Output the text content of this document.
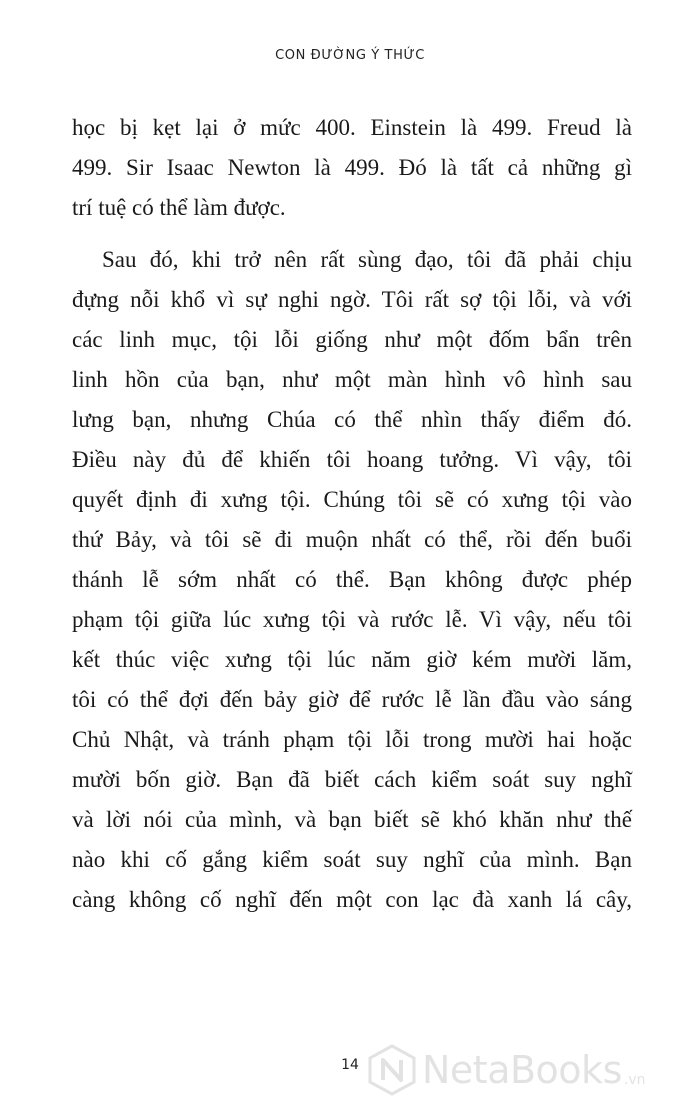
CON ĐƯỜNG Ý THỨC
học bị kẹt lại ở mức 400. Einstein là 499. Freud là
499. Sir Isaac Newton là 499. Đó là tất cả những gì
trí tuệ có thể làm được.
Sau đó, khi trở nên rất sùng đạo, tôi đã phải chịu
đựng nỗi khổ vì sự nghi ngờ. Tôi rất sợ tội lỗi, và với
các linh mục, tội lỗi giống như một đốm bẩn trên
linh hồn của bạn, như một màn hình vô hình sau
lưng bạn, nhưng Chúa có thể nhìn thấy điểm đó.
Điều này đủ để khiến tôi hoang tưởng. Vì vậy, tôi
quyết định đi xưng tội. Chúng tôi sẽ có xưng tội vào
thứ Bảy, và tôi sẽ đi muộn nhất có thể, rồi đến buổi
thánh lễ sớm nhất có thể. Bạn không được phép
phạm tội giữa lúc xưng tội và rước lễ. Vì vậy, nếu tôi
kết thúc việc xưng tội lúc năm giờ kém mười lăm,
tôi có thể đợi đến bảy giờ để rước lễ lần đầu vào sáng
Chủ Nhật, và tránh phạm tội lỗi trong mười hai hoặc
mười bốn giờ. Bạn đã biết cách kiểm soát suy nghĩ
và lời nói của mình, và bạn biết sẽ khó khăn như thế
nào khi cố gắng kiểm soát suy nghĩ của mình. Bạn
càng không cố nghĩ đến một con lạc đà xanh lá cây,
14	NetaBooks .vn
